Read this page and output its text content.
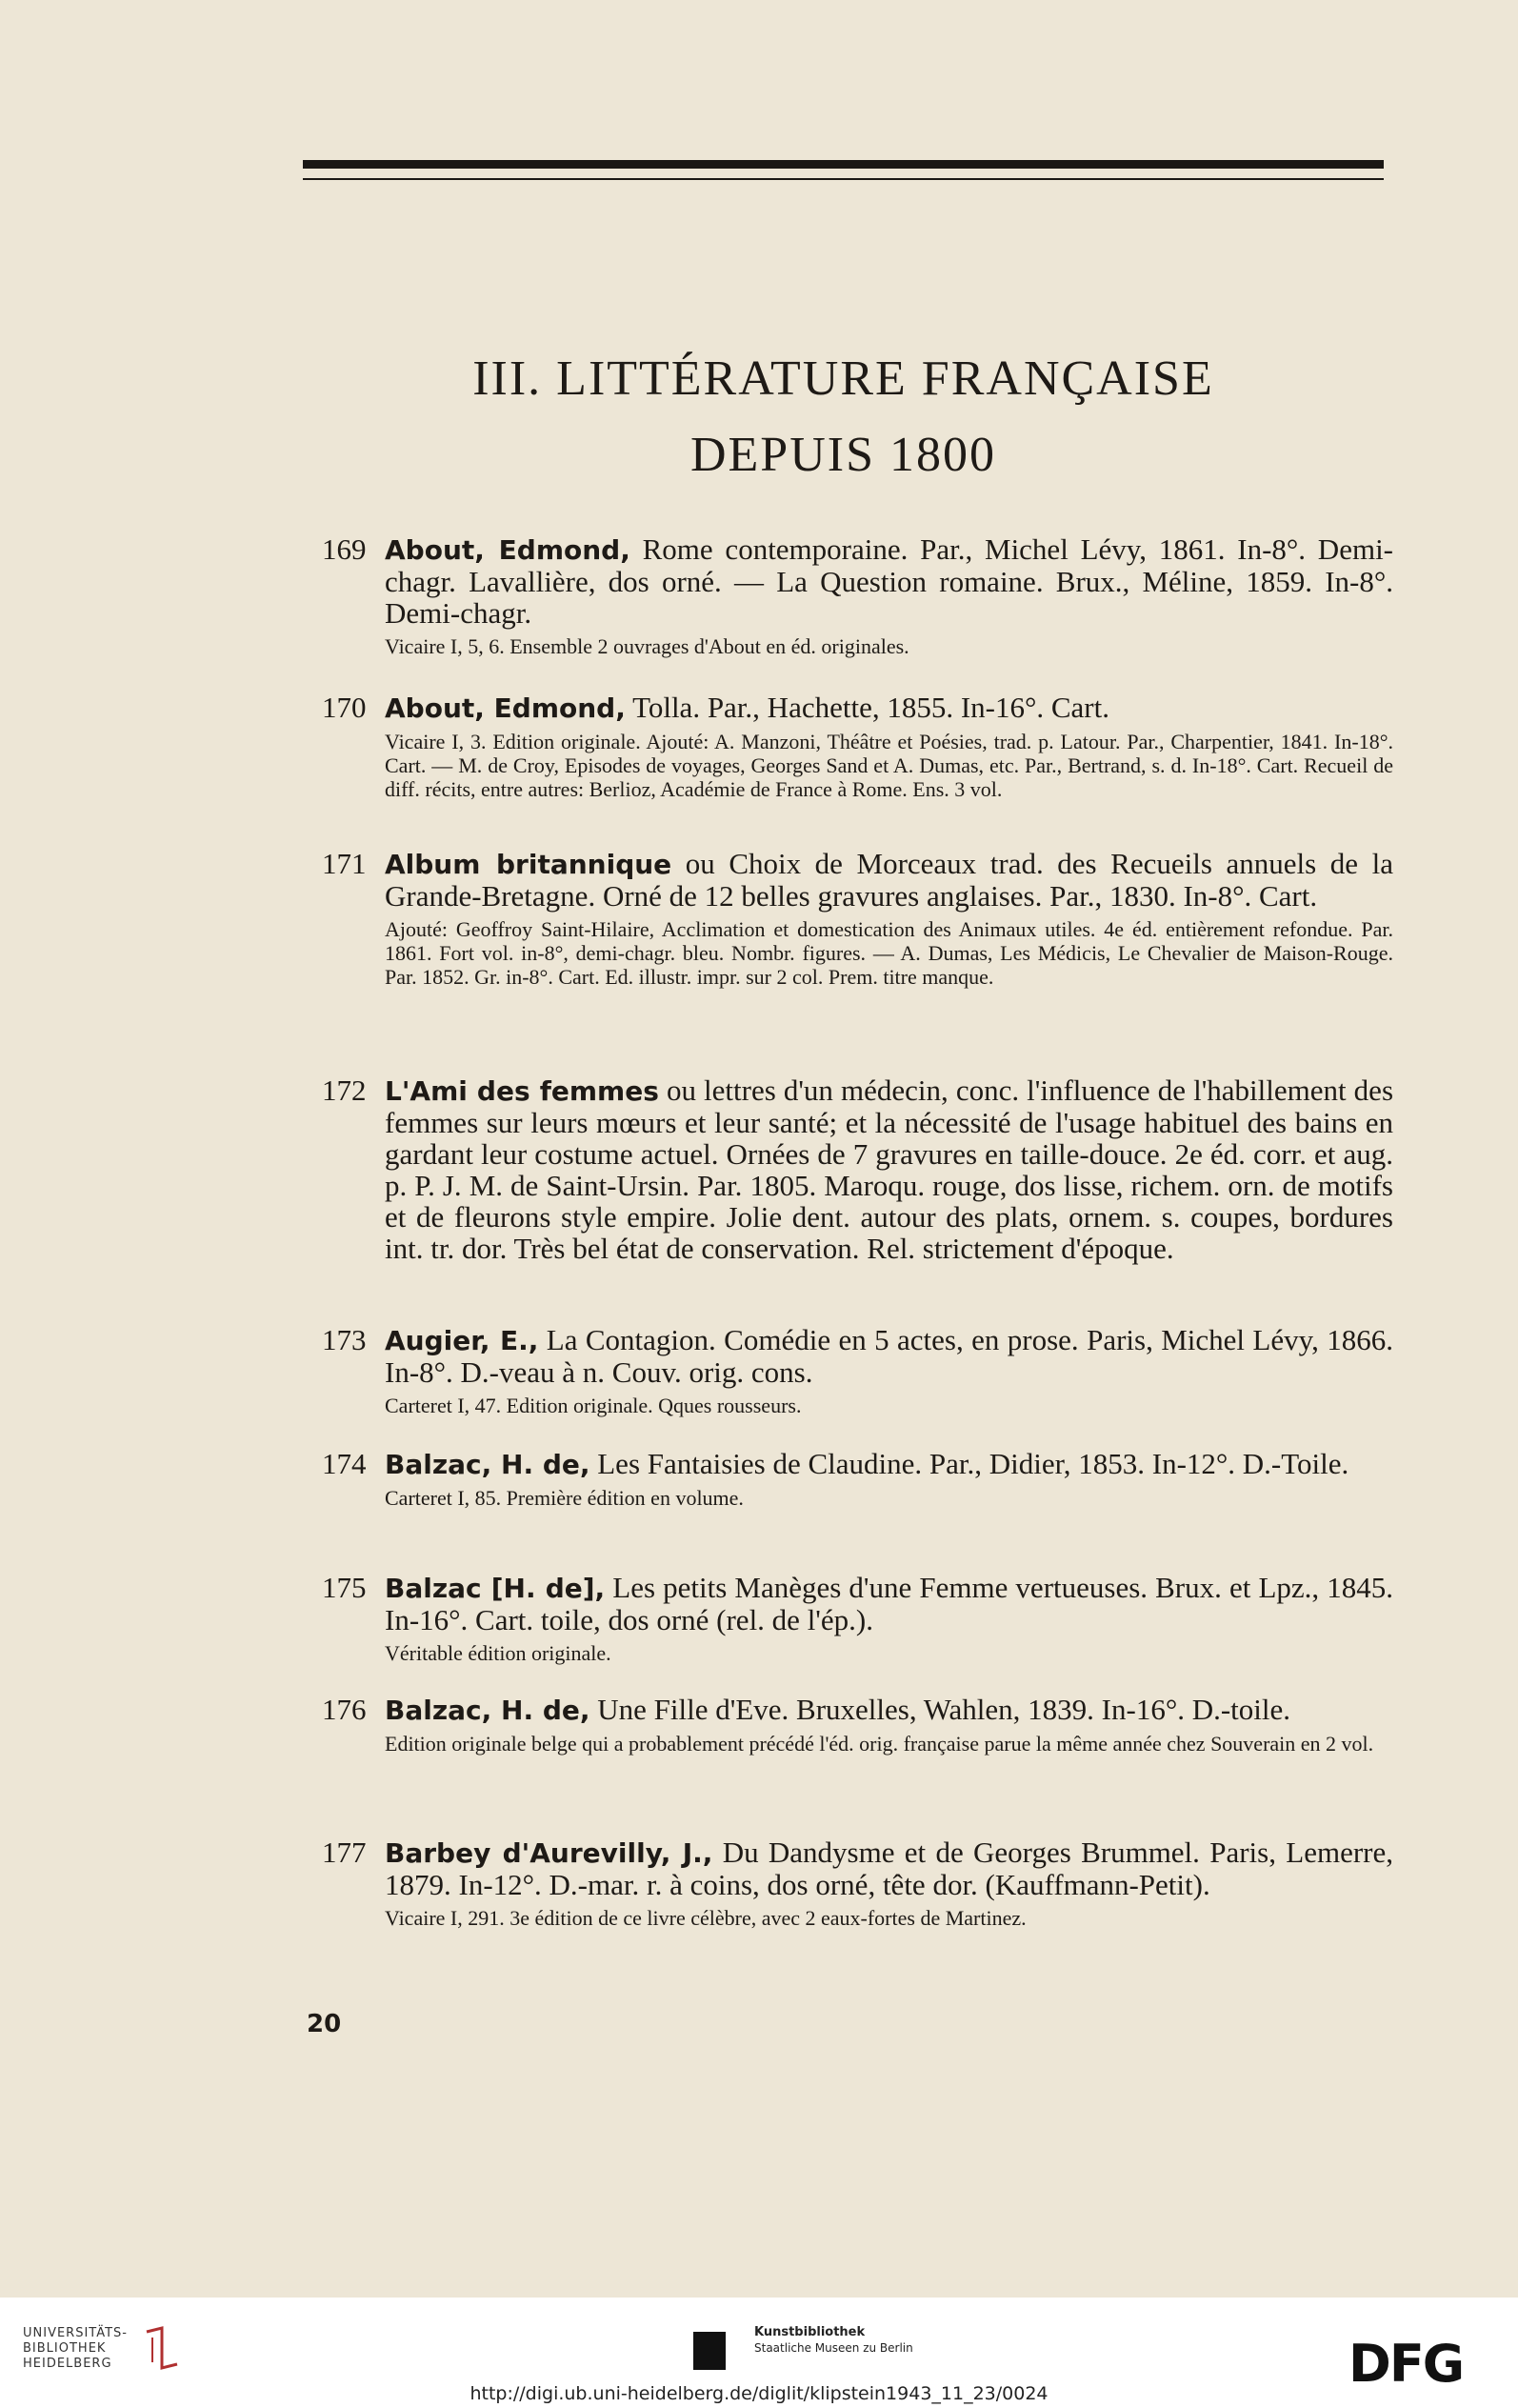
III. LITTÉRATURE FRANÇAISE
DEPUIS 1800
169 About, Edmond, Rome contemporaine. Par., Michel Lévy, 1861. In-8°. Demi-chagr. Lavallière, dos orné. — La Question romaine. Brux., Méline, 1859. In-8°. Demi-chagr.
Vicaire I, 5, 6. Ensemble 2 ouvrages d'About en éd. originales.
170 About, Edmond, Tolla. Par., Hachette, 1855. In-16°. Cart.
Vicaire I, 3. Edition originale. Ajouté: A. Manzoni, Théâtre et Poésies, trad. p. Latour. Par., Charpentier, 1841. In-18°. Cart. — M. de Croy, Episodes de voyages, Georges Sand et A. Dumas, etc. Par., Bertrand, s. d. In-18°. Cart. Recueil de diff. récits, entre autres: Berlioz, Académie de France à Rome. Ens. 3 vol.
171 Album britannique ou Choix de Morceaux trad. des Recueils annuels de la Grande-Bretagne. Orné de 12 belles gravures anglaises. Par., 1830. In-8°. Cart.
Ajouté: Geoffroy Saint-Hilaire, Acclimation et domestication des Animaux utiles. 4e éd. entièrement refondue. Par. 1861. Fort vol. in-8°, demi-chagr. bleu. Nombr. figures. — A. Dumas, Les Médicis, Le Chevalier de Maison-Rouge. Par. 1852. Gr. in-8°. Cart. Ed. illustr. impr. sur 2 col. Prem. titre manque.
172 L'Ami des femmes ou lettres d'un médecin, conc. l'influence de l'habillement des femmes sur leurs mœurs et leur santé; et la nécessité de l'usage habituel des bains en gardant leur costume actuel. Ornées de 7 gravures en taille-douce. 2e éd. corr. et aug. p. P. J. M. de Saint-Ursin. Par. 1805. Maroqu. rouge, dos lisse, richem. orn. de motifs et de fleurons style empire. Jolie dent. autour des plats, ornem. s. coupes, bordures int. tr. dor. Très bel état de conservation. Rel. strictement d'époque.
173 Augier, E., La Contagion. Comédie en 5 actes, en prose. Paris, Michel Lévy, 1866. In-8°. D.-veau à n. Couv. orig. cons.
Carteret I, 47. Edition originale. Qques rousseurs.
174 Balzac, H. de, Les Fantaisies de Claudine. Par., Didier, 1853. In-12°. D.-Toile.
Carteret I, 85. Première édition en volume.
175 Balzac [H. de], Les petits Manèges d'une Femme vertueuses. Brux. et Lpz., 1845. In-16°. Cart. toile, dos orné (rel. de l'ép.).
Véritable édition originale.
176 Balzac, H. de, Une Fille d'Eve. Bruxelles, Wahlen, 1839. In-16°. D.-toile.
Edition originale belge qui a probablement précédé l'éd. orig. française parue la même année chez Souverain en 2 vol.
177 Barbey d'Aurevilly, J., Du Dandysme et de Georges Brummel. Paris, Lemerre, 1879. In-12°. D.-mar. r. à coins, dos orné, tête dor. (Kauffmann-Petit).
Vicaire I, 291. 3e édition de ce livre célèbre, avec 2 eaux-fortes de Martinez.
20
UNIVERSITÄTS-
BIBLIOTHEK
HEIDELBERG
Kunstbibliothek
Staatliche Museen zu Berlin	DFG
http://digi.ub.uni-heidelberg.de/diglit/klipstein1943_11_23/0024
